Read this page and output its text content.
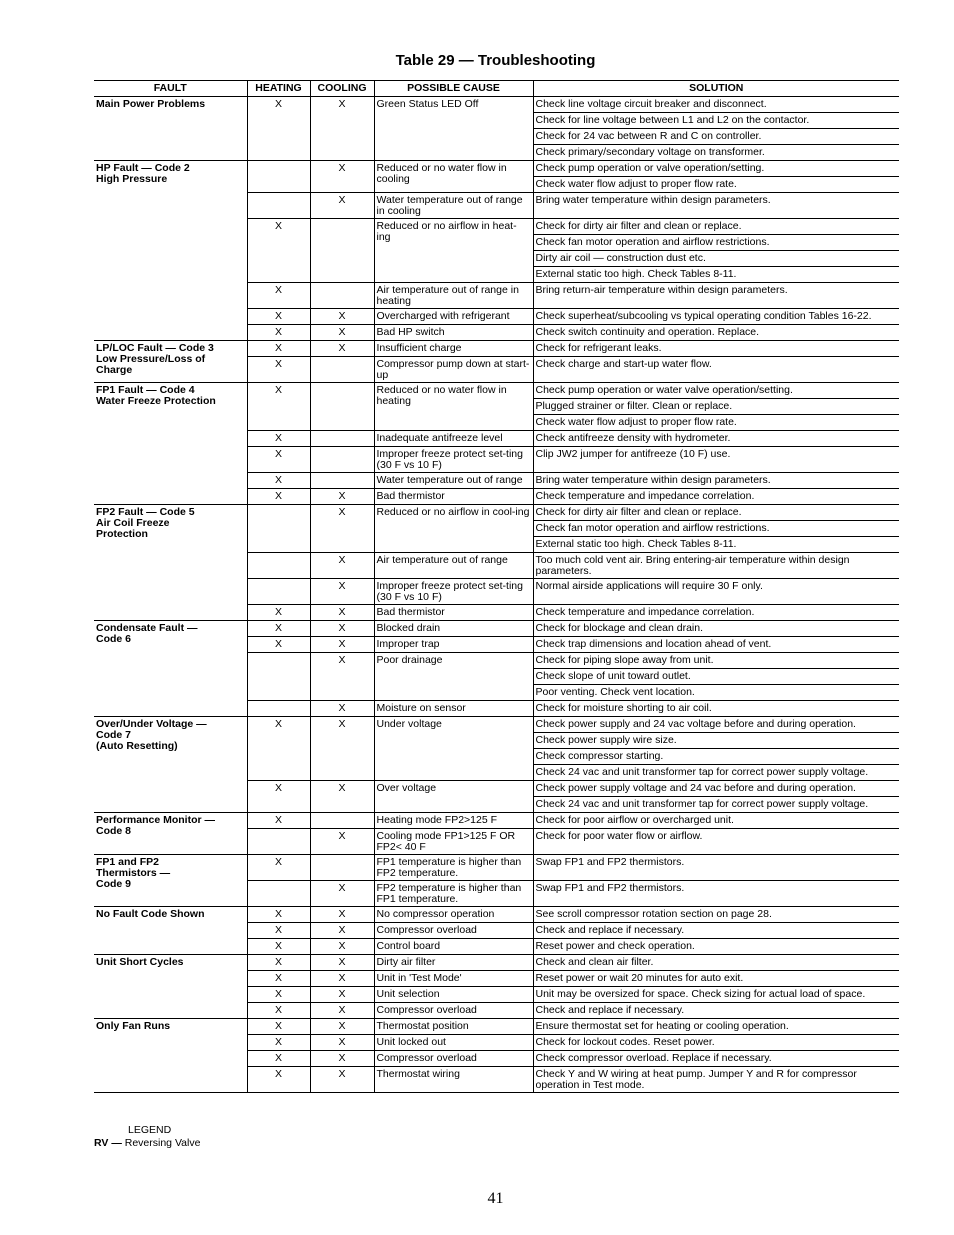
Table 29 — Troubleshooting
FAULT	HEATING	COOLING	POSSIBLE CAUSE	SOLUTION
Main Power Problems	X	X	Green Status LED Off	Check line voltage circuit breaker and disconnect.
				Check for line voltage between L1 and L2 on the contactor.
				Check for 24 vac between R and C on controller.
				Check primary/secondary voltage on transformer.
HP Fault — Code 2
High Pressure		X	Reduced or no water flow in cooling	Check pump operation or valve operation/setting.
				Check water flow adjust to proper flow rate.
		X	Water temperature out of range in cooling	Bring water temperature within design parameters.
	X		Reduced or no airflow in heat-ing	Check for dirty air filter and clean or replace.
				Check fan motor operation and airflow restrictions.
				Dirty air coil — construction dust etc.
				External static too high. Check Tables 8-11.
	X		Air temperature out of range in heating	Bring return-air temperature within design parameters.
	X	X	Overcharged with refrigerant	Check superheat/subcooling vs typical operating condition Tables 16-22.
	X	X	Bad HP switch	Check switch continuity and operation. Replace.
LP/LOC Fault — Code 3
Low Pressure/Loss of
Charge	X	X	Insufficient charge	Check for refrigerant leaks.
	X		Compressor pump down at start-up	Check charge and start-up water flow.
FP1 Fault — Code 4
Water Freeze Protection	X		Reduced or no water flow in heating	Check pump operation or water valve operation/setting.
				Plugged strainer or filter. Clean or replace.
				Check water flow adjust to proper flow rate.
	X		Inadequate antifreeze level	Check antifreeze density with hydrometer.
	X		Improper freeze protect set-ting (30 F vs 10 F)	Clip JW2 jumper for antifreeze (10 F) use.
	X		Water temperature out of range	Bring water temperature within design parameters.
	X	X	Bad thermistor	Check temperature and impedance correlation.
FP2 Fault — Code 5
Air Coil Freeze
Protection		X	Reduced or no airflow in cool-ing	Check for dirty air filter and clean or replace.
				Check fan motor operation and airflow restrictions.
				External static too high. Check Tables 8-11.
		X	Air temperature out of range	Too much cold vent air. Bring entering-air temperature within design parameters.
		X	Improper freeze protect set-ting (30 F vs 10 F)	Normal airside applications will require 30 F only.
	X	X	Bad thermistor	Check temperature and impedance correlation.
Condensate Fault —
Code 6	X	X	Blocked drain	Check for blockage and clean drain.
	X	X	Improper trap	Check trap dimensions and location ahead of vent.
		X	Poor drainage	Check for piping slope away from unit.
				Check slope of unit toward outlet.
				Poor venting. Check vent location.
		X	Moisture on sensor	Check for moisture shorting to air coil.
Over/Under Voltage —
Code 7
(Auto Resetting)	X	X	Under voltage	Check power supply and 24 vac voltage before and during operation.
				Check power supply wire size.
				Check compressor starting.
				Check 24 vac and unit transformer tap for correct power supply voltage.
	X	X	Over voltage	Check power supply voltage and 24 vac before and during operation.
				Check 24 vac and unit transformer tap for correct power supply voltage.
Performance Monitor —
Code 8	X		Heating mode FP2>125 F	Check for poor airflow or overcharged unit.
		X	Cooling mode FP1>125 F OR FP2< 40 F	Check for poor water flow or airflow.
FP1 and FP2
Thermistors —
Code 9	X		FP1 temperature is higher than FP2 temperature.	Swap FP1 and FP2 thermistors.
		X	FP2 temperature is higher than FP1 temperature.	Swap FP1 and FP2 thermistors.
No Fault Code Shown	X	X	No compressor operation	See scroll compressor rotation section on page 28.
	X	X	Compressor overload	Check and replace if necessary.
	X	X	Control board	Reset power and check operation.
Unit Short Cycles	X	X	Dirty air filter	Check and clean air filter.
	X	X	Unit in 'Test Mode'	Reset power or wait 20 minutes for auto exit.
	X	X	Unit selection	Unit may be oversized for space. Check sizing for actual load of space.
	X	X	Compressor overload	Check and replace if necessary.
Only Fan Runs	X	X	Thermostat position	Ensure thermostat set for heating or cooling operation.
	X	X	Unit locked out	Check for lockout codes. Reset power.
	X	X	Compressor overload	Check compressor overload. Replace if necessary.
	X	X	Thermostat wiring	Check Y and W wiring at heat pump. Jumper Y and R for compressor operation in Test mode.
LEGEND
RV — Reversing Valve
41
